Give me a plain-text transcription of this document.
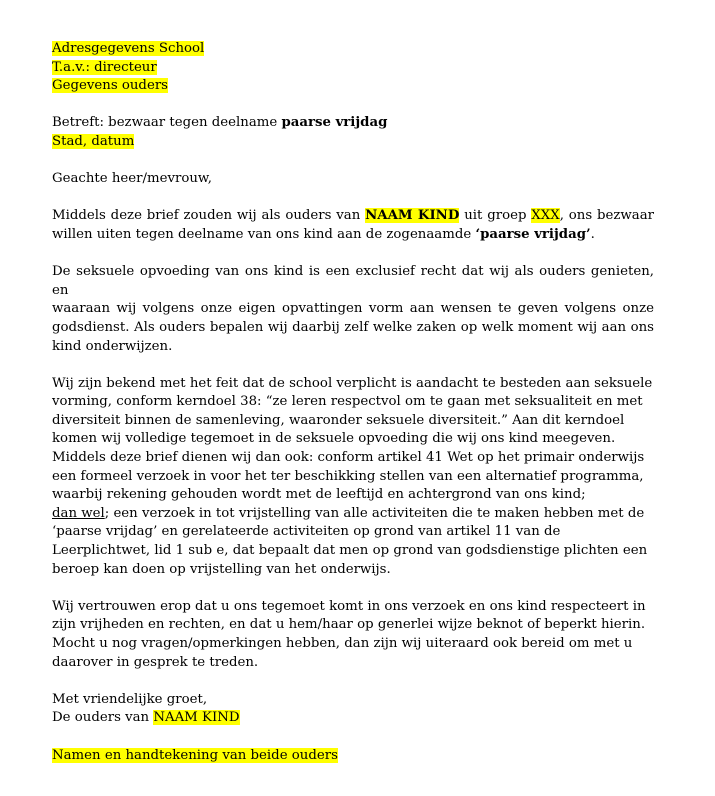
Adresgegevens School
T.a.v.: directeur
Gegevens ouders
Betreft: bezwaar tegen deelname paarse vrijdag
Stad, datum
Geachte heer/mevrouw,
Middels deze brief zouden wij als ouders van NAAM KIND uit groep XXX, ons bezwaar
willen uiten tegen deelname van ons kind aan de zogenaamde ‘paarse vrijdag’.
De seksuele opvoeding van ons kind is een exclusief recht dat wij als ouders genieten, en
waaraan wij volgens onze eigen opvattingen vorm aan wensen te geven volgens onze
godsdienst. Als ouders bepalen wij daarbij zelf welke zaken op welk moment wij aan ons
kind onderwijzen.
Wij zijn bekend met het feit dat de school verplicht is aandacht te besteden aan seksuele
vorming, conform kerndoel 38: “ze leren respectvol om te gaan met seksualiteit en met
diversiteit binnen de samenleving, waaronder seksuele diversiteit.” Aan dit kerndoel
komen wij volledige tegemoet in de seksuele opvoeding die wij ons kind meegeven.
Middels deze brief dienen wij dan ook: conform artikel 41 Wet op het primair onderwijs
een formeel verzoek in voor het ter beschikking stellen van een alternatief programma,
waarbij rekening gehouden wordt met de leeftijd en achtergrond van ons kind;
dan wel; een verzoek in tot vrijstelling van alle activiteiten die te maken hebben met de
‘paarse vrijdag’ en gerelateerde activiteiten op grond van artikel 11 van de
Leerplichtwet, lid 1 sub e, dat bepaalt dat men op grond van godsdienstige plichten een
beroep kan doen op vrijstelling van het onderwijs.
Wij vertrouwen erop dat u ons tegemoet komt in ons verzoek en ons kind respecteert in
zijn vrijheden en rechten, en dat u hem/haar op generlei wijze beknot of beperkt hierin.
Mocht u nog vragen/opmerkingen hebben, dan zijn wij uiteraard ook bereid om met u
daarover in gesprek te treden.
Met vriendelijke groet,
De ouders van NAAM KIND
Namen en handtekening van beide ouders
